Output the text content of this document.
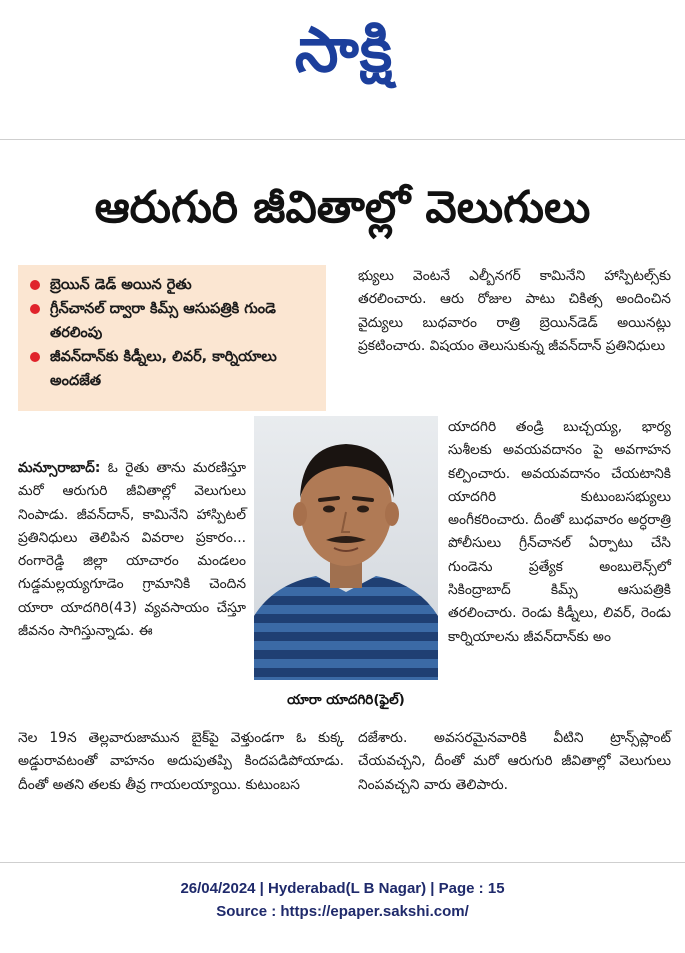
సాక్షి
ఆరుగురి జీవితాల్లో వెలుగులు
బ్రెయిన్ డెడ్ అయిన రైతు
గ్రీన్‌చానల్ ద్వారా కిమ్స్ ఆసుపత్రికి గుండె తరలింపు
జీవన్‌దాన్‌కు కిడ్నీలు, లివర్, కార్నియాలు అందజేత

భ్యులు వెంటనే ఎల్బీనగర్ కామినేని హాస్పిటల్స్‌కు తరలించారు. ఆరు రోజుల పాటు చికిత్స అందించిన వైద్యులు బుధవారం రాత్రి బ్రెయిన్‌డెడ్ అయినట్లు ప్రకటించారు. విషయం తెలుసుకున్న జీవన్‌దాన్ ప్రతినిధులు

యాదగిరి తండ్రి బుచ్చయ్య, భార్య సుశీలకు అవయవదానం పై అవగాహన కల్పించారు. అవయవదానం చేయటానికి యాదగిరి కుటుంబసభ్యులు అంగీకరించారు. దీంతో బుధవారం అర్ధరాత్రి పోలీసులు గ్రీన్‌చానల్ ఏర్పాటు చేసి గుండెను ప్రత్యేక అంబులెన్స్‌లో సికింద్రాబాద్ కిమ్స్ ఆసుపత్రికి తరలించారు. రెండు కిడ్నీలు, లివర్, రెండు కార్నియాలను జీవన్‌దాన్‌కు అం

మన్సూరాబాద్: ఓ రైతు తాను మరణిస్తూ మరో ఆరుగురి జీవితాల్లో వెలుగులు నింపాడు. జీవన్‌దాన్, కామినేని హాస్పిటల్ ప్రతినిధులు తెలిపిన వివరాల ప్రకారం... రంగారెడ్డి జిల్లా యాచారం మండలం గుడ్డమల్లయ్యగూడెం గ్రామానికి చెందిన యారా యాదగిరి(43) వ్యవసాయం చేస్తూ జీవనం సాగిస్తున్నాడు. ఈ

యారా యాదగిరి(ఫైల్)

నెల 19న తెల్లవారుజామున బైక్‌పై వెళ్తుండగా ఓ కుక్క అడ్డురావటంతో వాహనం అదుపుతప్పి కిందపడిపోయాడు. దీంతో అతని తలకు తీవ్ర గాయలయ్యాయి. కుటుంబస

దజేశారు. అవసరమైనవారికి వీటిని ట్రాన్స్‌ప్లాంట్ చేయవచ్చని, దీంతో మరో ఆరుగురి జీవితాల్లో వెలుగులు నింపవచ్చని వారు తెలిపారు.

26/04/2024 | Hyderabad(L B Nagar) | Page : 15
Source : https://epaper.sakshi.com/
